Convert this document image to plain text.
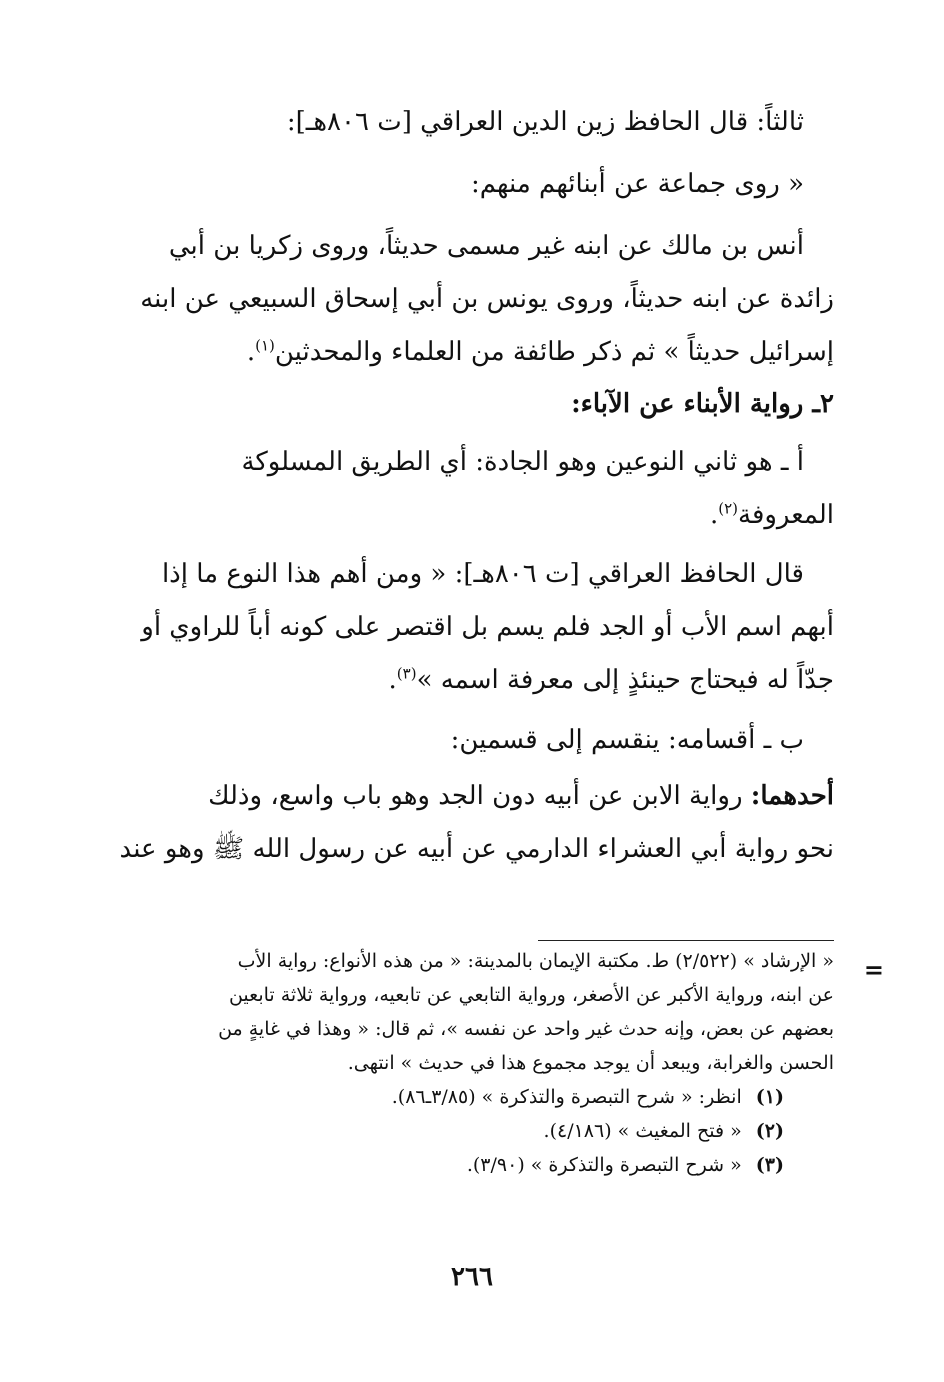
ثالثاً: قال الحافظ زين الدين العراقي [ت ٨٠٦هـ]:
« روى جماعة عن أبنائهم منهم:
أنس بن مالك عن ابنه غير مسمى حديثاً، وروى زكريا بن أبي
زائدة عن ابنه حديثاً، وروى يونس بن أبي إسحاق السبيعي عن ابنه
إسرائيل حديثاً » ثم ذكر طائفة من العلماء والمحدثين$^{(١)}$.
٢ـ رواية الأبناء عن الآباء:
أ ـ هو ثاني النوعين وهو الجادة: أي الطريق المسلوكة
المعروفة$^{(٢)}$.
قال الحافظ العراقي [ت ٨٠٦هـ]: « ومن أهم هذا النوع ما إذا
أبهم اسم الأب أو الجد فلم يسم بل اقتصر على كونه أباً للراوي أو
جدّاً له فيحتاج حينئذٍ إلى معرفة اسمه »$^{(٣)}$.
ب ـ أقسامه: ينقسم إلى قسمين:
أحدهما: رواية الابن عن أبيه دون الجد وهو باب واسع، وذلك
نحو رواية أبي العشراء الدارمي عن أبيه عن رسول الله ﷺ وهو عند
=
« الإرشاد » (٢/٥٢٢) ط. مكتبة الإيمان بالمدينة: « من هذه الأنواع: رواية الأب
عن ابنه، ورواية الأكبر عن الأصغر، ورواية التابعي عن تابعيه، ورواية ثلاثة تابعين
بعضهم عن بعض، وإنه حدث غير واحد عن نفسه »، ثم قال: « وهذا في غايةٍ من
الحسن والغرابة، ويبعد أن يوجد مجموع هذا في حديث » انتهى.
(١) انظر: « شرح التبصرة والتذكرة » (٣/٨٥ـ٨٦).
(٢) « فتح المغيث » (٤/١٨٦).
(٣) « شرح التبصرة والتذكرة » (٣/٩٠).
٢٦٦
